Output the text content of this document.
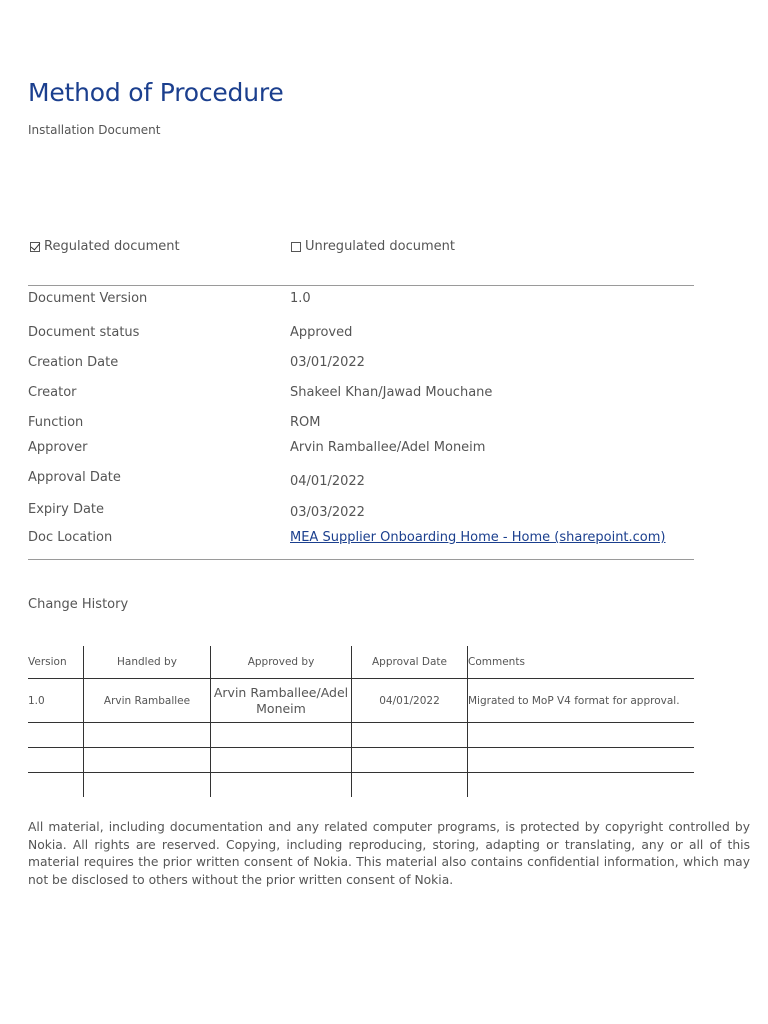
Method of Procedure
Installation Document
Regulated document	Unregulated document
Document Version	1.0
Document status	Approved
Creation Date	03/01/2022
Creator	Shakeel Khan/Jawad Mouchane
Function	ROM
Approver	Arvin Ramballee/Adel Moneim
Approval Date	04/01/2022
Expiry Date	03/03/2022
Doc Location	MEA Supplier Onboarding Home - Home (sharepoint.com)
Change History
Version	Handled by	Approved by	Approval Date	Comments
1.0	Arvin Ramballee	Arvin Ramballee/Adel Moneim	04/01/2022	Migrated to MoP V4 format for approval.

All material, including documentation and any related computer programs, is protected by copyright controlled by Nokia. All rights are reserved. Copying, including reproducing, storing, adapting or translating, any or all of this material requires the prior written consent of Nokia. This material also contains confidential information, which may not be disclosed to others without the prior written consent of Nokia.
